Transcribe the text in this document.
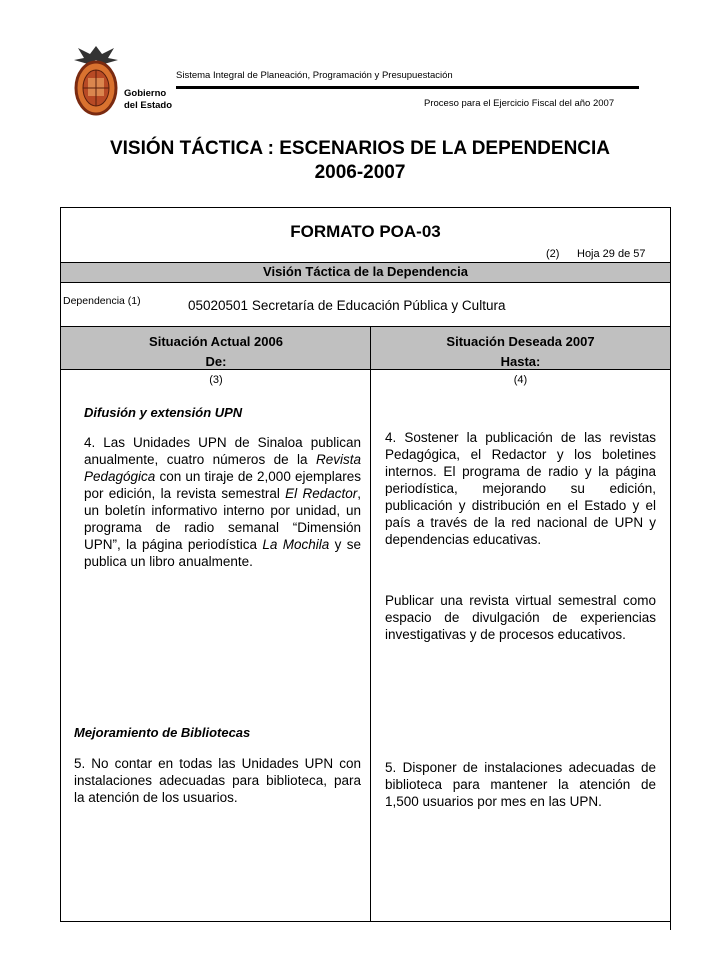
Gobierno
del Estado
Sistema Integral de Planeación, Programación y Presupuestación
Proceso para el Ejercicio Fiscal del año 2007
VISIÓN TÁCTICA : ESCENARIOS DE LA DEPENDENCIA
2006-2007
FORMATO POA-03
(2) Hoja 29 de 57
Visión Táctica de la Dependencia
Dependencia (1)	05020501 Secretaría de Educación Pública y Cultura
Situación Actual 2006
De:
Situación Deseada 2007
Hasta:
(3)	(4)
Difusión y extensión UPN
4. Las Unidades UPN de Sinaloa publican anualmente, cuatro números de la Revista Pedagógica con un tiraje de 2,000 ejemplares por edición, la revista semestral El Redactor, un boletín informativo interno por unidad, un programa de radio semanal “Dimensión UPN”, la página periodística La Mochila y se publica un libro anualmente.
Mejoramiento de Bibliotecas
5. No contar en todas las Unidades UPN con instalaciones adecuadas para biblioteca, para la atención de los usuarios.
4. Sostener la publicación de las revistas Pedagógica, el Redactor y los boletines internos. El programa de radio y la página periodística, mejorando su edición, publicación y distribución en el Estado y el país a través de la red nacional de UPN y dependencias educativas.
Publicar una revista virtual semestral como espacio de divulgación de experiencias investigativas y de procesos educativos.
5. Disponer de instalaciones adecuadas de biblioteca para mantener la atención de 1,500 usuarios por mes en las UPN.
